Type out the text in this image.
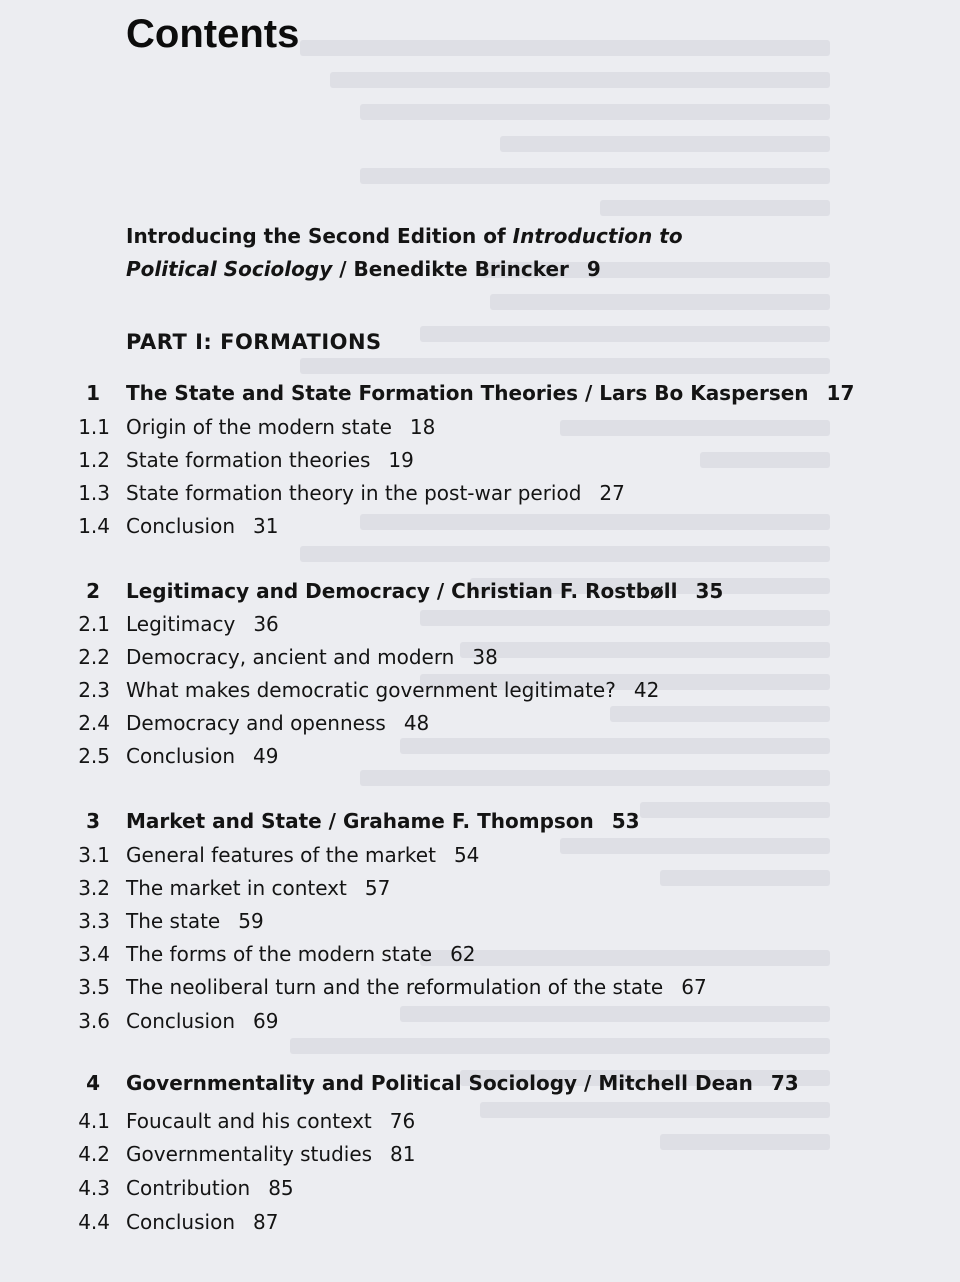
Contents
Introducing the Second Edition of Introduction to Political Sociology / Benedikte Brincker 9
PART I: FORMATIONS
1 The State and State Formation Theories / Lars Bo Kaspersen 17
1.1 Origin of the modern state 18
1.2 State formation theories 19
1.3 State formation theory in the post-war period 27
1.4 Conclusion 31
2 Legitimacy and Democracy / Christian F. Rostbøll 35
2.1 Legitimacy 36
2.2 Democracy, ancient and modern 38
2.3 What makes democratic government legitimate? 42
2.4 Democracy and openness 48
2.5 Conclusion 49
3 Market and State / Grahame F. Thompson 53
3.1 General features of the market 54
3.2 The market in context 57
3.3 The state 59
3.4 The forms of the modern state 62
3.5 The neoliberal turn and the reformulation of the state 67
3.6 Conclusion 69
4 Governmentality and Political Sociology / Mitchell Dean 73
4.1 Foucault and his context 76
4.2 Governmentality studies 81
4.3 Contribution 85
4.4 Conclusion 87
